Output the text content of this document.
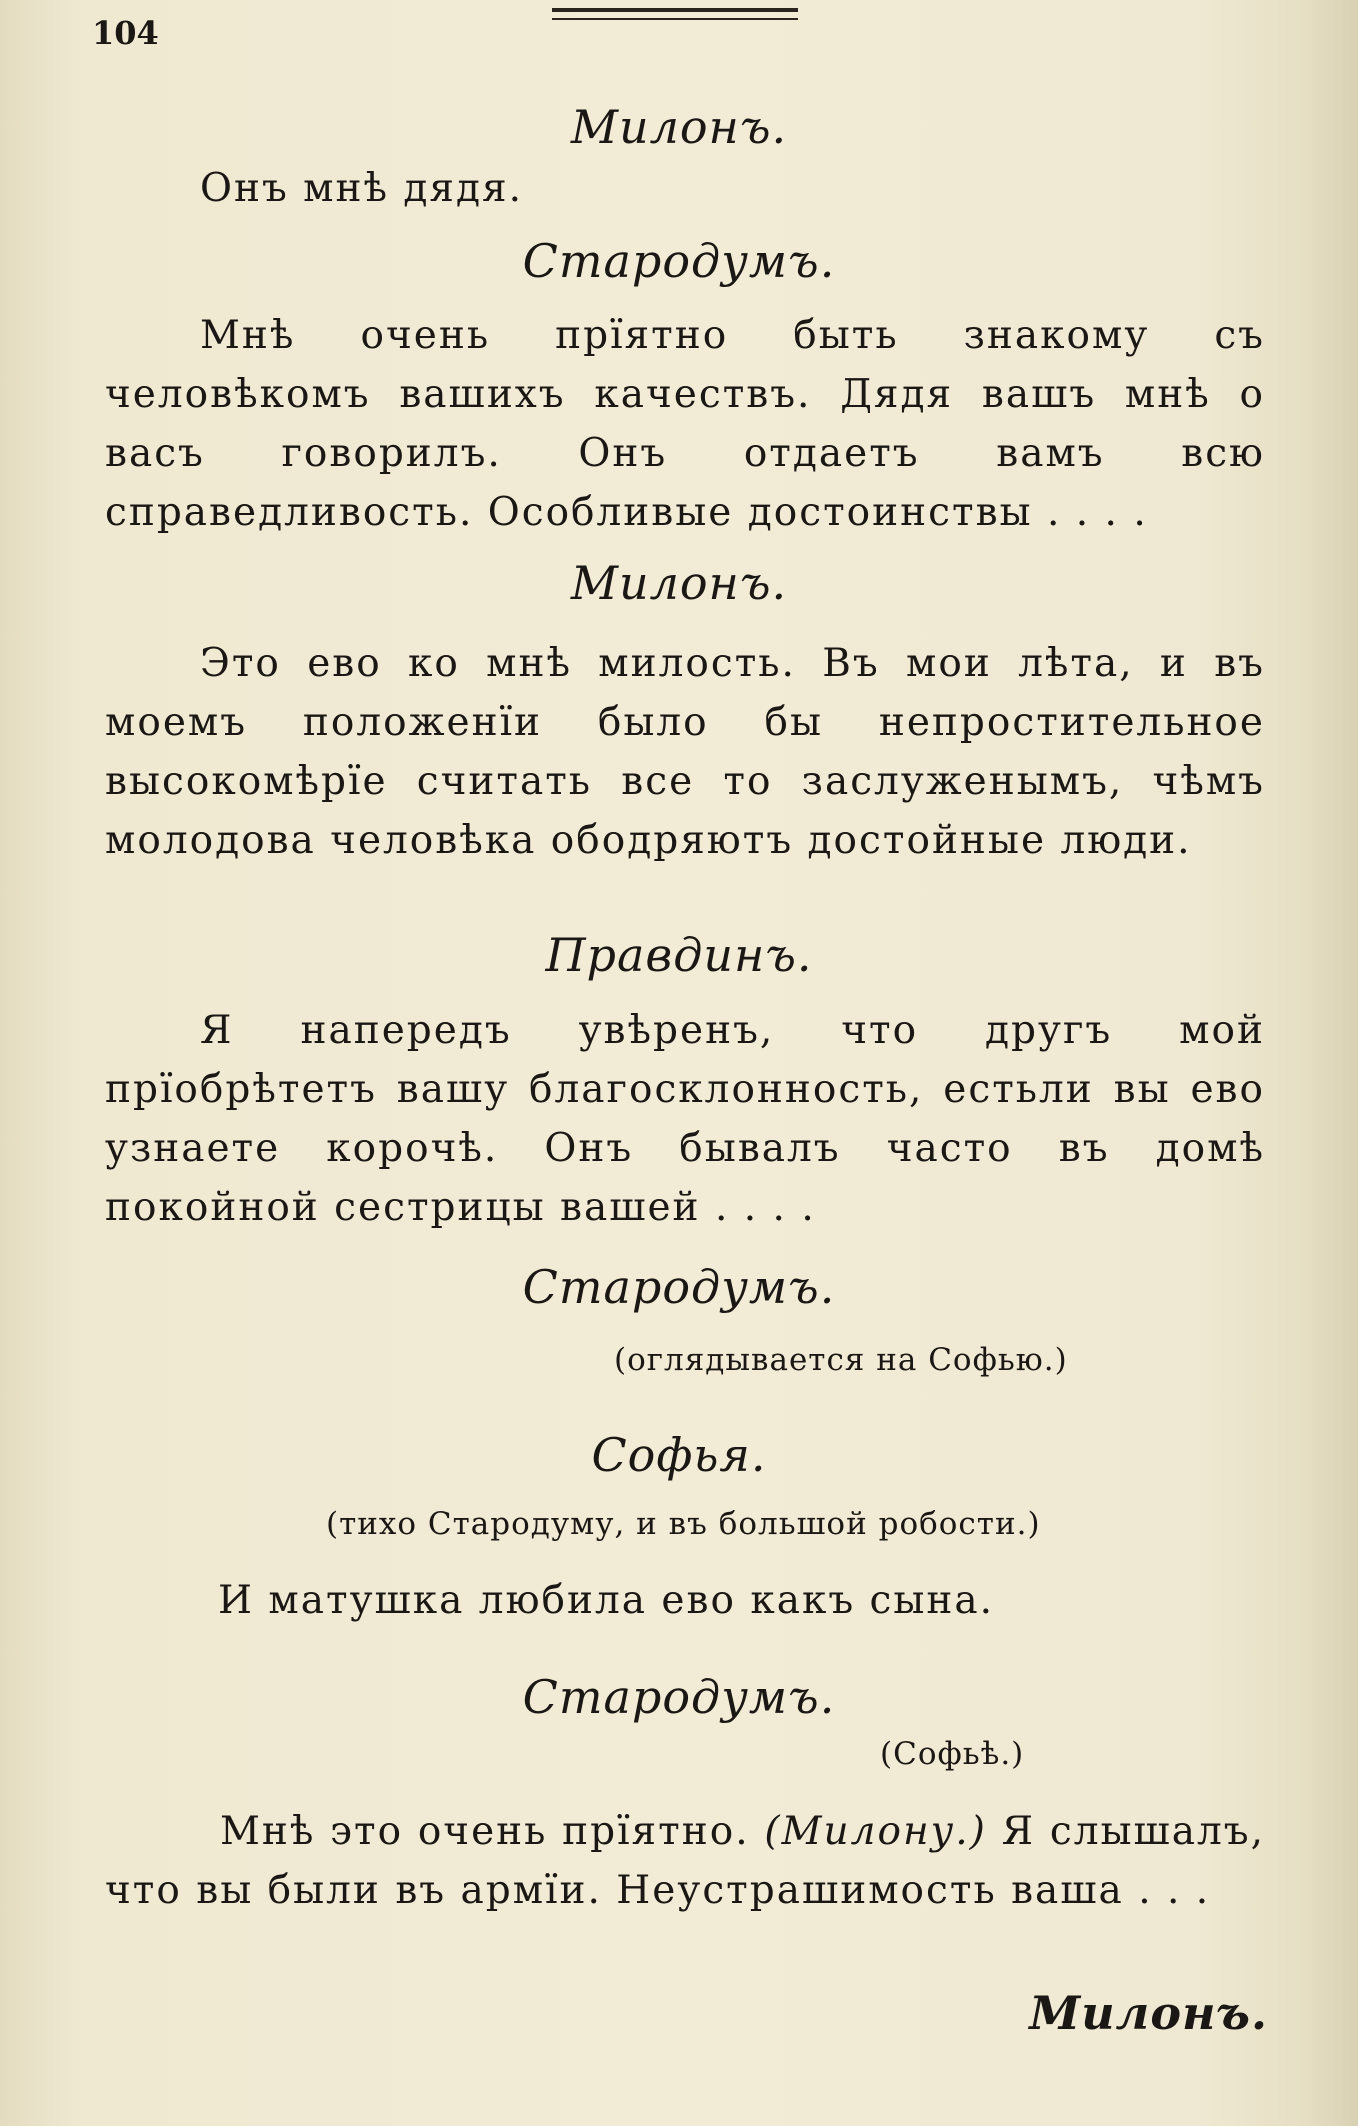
104
Милонъ.
Онъ мнѣ дядя.
Стародумъ.

Мнѣ очень прïятно быть знакому съ человѣкомъ вашихъ качествъ. Дядя вашъ мнѣ о васъ говорилъ. Онъ отдаетъ вамъ всю справедливость. Особливые достоинствы . . . .

Милонъ.

Это ево ко мнѣ милость. Въ мои лѣта, и въ моемъ положенïи было бы непростительное высокомѣрïе считать все то заслуженымъ, чѣмъ молодова человѣка ободряютъ достойные люди.

Правдинъ.

Я напередъ увѣренъ, что другъ мой прïобрѣтетъ вашу благосклонность, естьли вы ево узнаете корочѣ. Онъ бывалъ часто въ домѣ покойной сестрицы вашей . . . .

Стародумъ.
(оглядывается на Софью.)
Софья.
(тихо Стародуму, и въ большой робости.)
И матушка любила ево какъ сына.
Стародумъ.
(Софьѣ.)

Мнѣ это очень прïятно. (Милону.) Я слышалъ, что вы были въ армïи. Неустрашимость ваша . . .

Милонъ.
